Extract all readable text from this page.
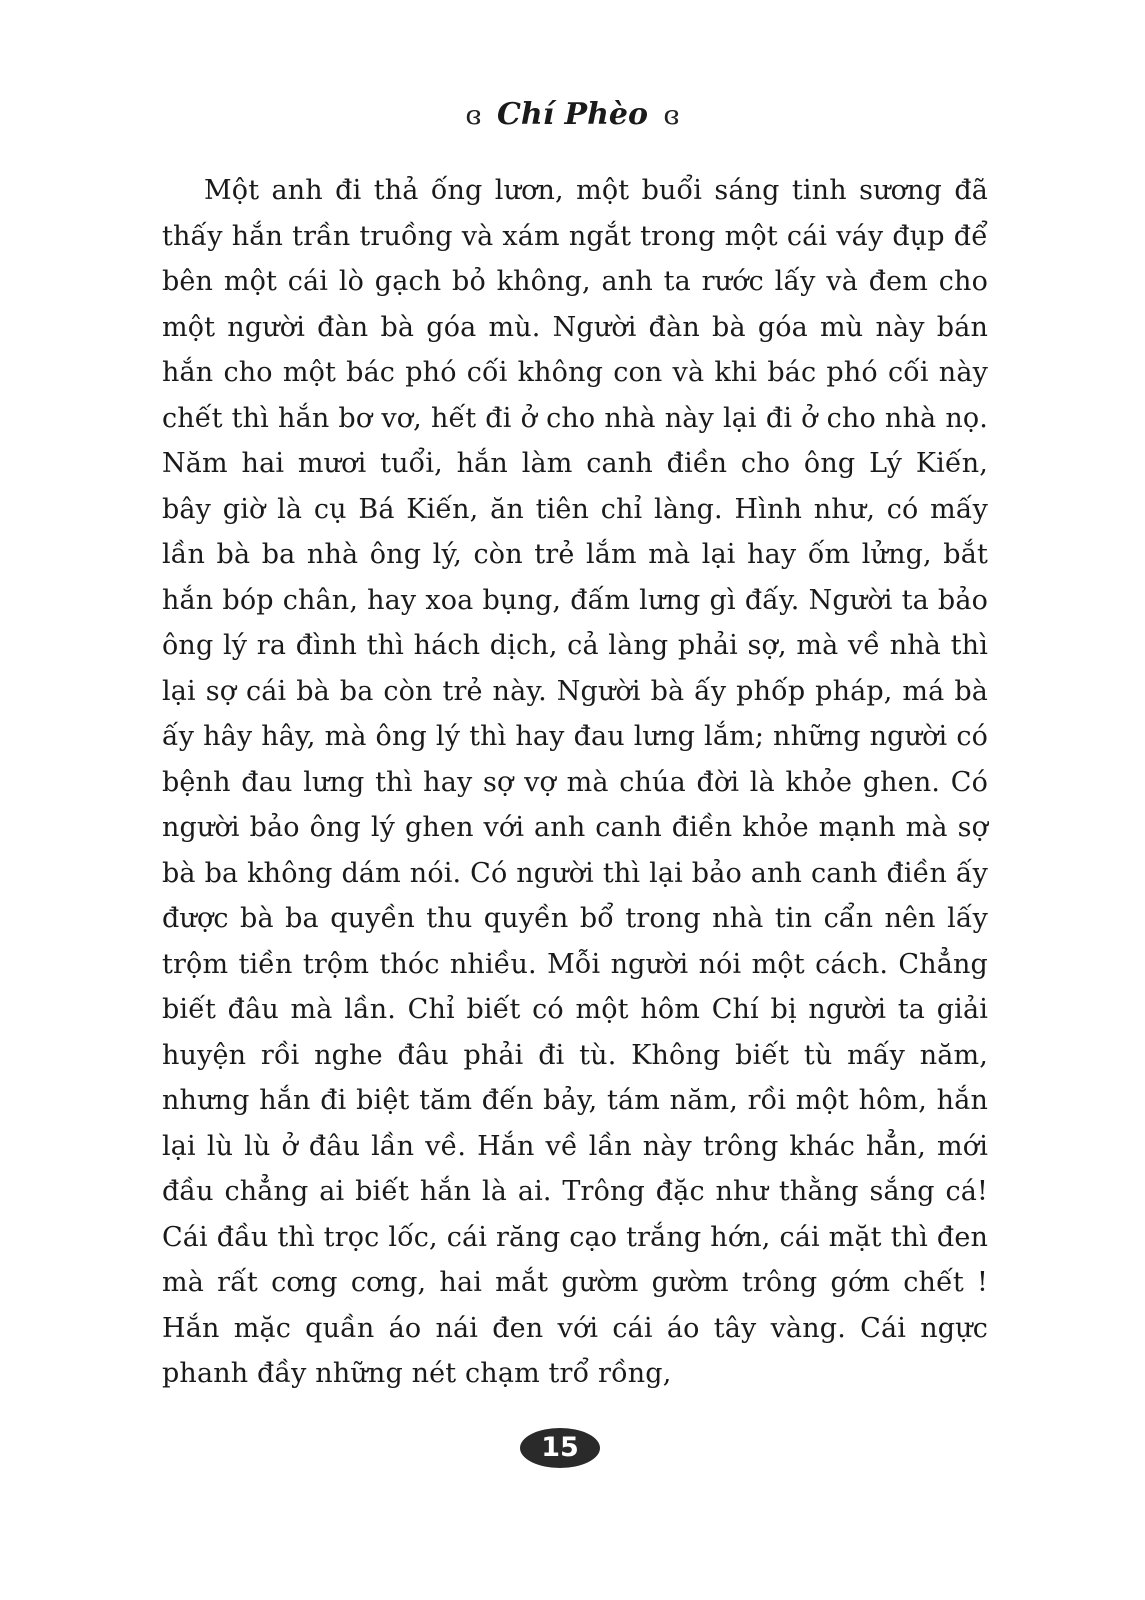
ɞ Chí Phèo ɞ

Một anh đi thả ống lươn, một buổi sáng tinh sương đã thấy hắn trần truồng và xám ngắt trong một cái váy đụp để bên một cái lò gạch bỏ không, anh ta rước lấy và đem cho một người đàn bà góa mù. Người đàn bà góa mù này bán hắn cho một bác phó cối không con và khi bác phó cối này chết thì hắn bơ vơ, hết đi ở cho nhà này lại đi ở cho nhà nọ. Năm hai mươi tuổi, hắn làm canh điền cho ông Lý Kiến, bây giờ là cụ Bá Kiến, ăn tiên chỉ làng. Hình như, có mấy lần bà ba nhà ông lý, còn trẻ lắm mà lại hay ốm lửng, bắt hắn bóp chân, hay xoa bụng, đấm lưng gì đấy. Người ta bảo ông lý ra đình thì hách dịch, cả làng phải sợ, mà về nhà thì lại sợ cái bà ba còn trẻ này. Người bà ấy phốp pháp, má bà ấy hây hây, mà ông lý thì hay đau lưng lắm; những người có bệnh đau lưng thì hay sợ vợ mà chúa đời là khỏe ghen. Có người bảo ông lý ghen với anh canh điền khỏe mạnh mà sợ bà ba không dám nói. Có người thì lại bảo anh canh điền ấy được bà ba quyền thu quyền bổ trong nhà tin cẩn nên lấy trộm tiền trộm thóc nhiều. Mỗi người nói một cách. Chẳng biết đâu mà lần. Chỉ biết có một hôm Chí bị người ta giải huyện rồi nghe đâu phải đi tù. Không biết tù mấy năm, nhưng hắn đi biệt tăm đến bảy, tám năm, rồi một hôm, hắn lại lù lù ở đâu lần về. Hắn về lần này trông khác hẳn, mới đầu chẳng ai biết hắn là ai. Trông đặc như thằng sắng cá! Cái đầu thì trọc lốc, cái răng cạo trắng hớn, cái mặt thì đen mà rất cơng cơng, hai mắt gườm gườm trông gớm chết ! Hắn mặc quần áo nái đen với cái áo tây vàng. Cái ngực phanh đầy những nét chạm trổ rồng,

15
